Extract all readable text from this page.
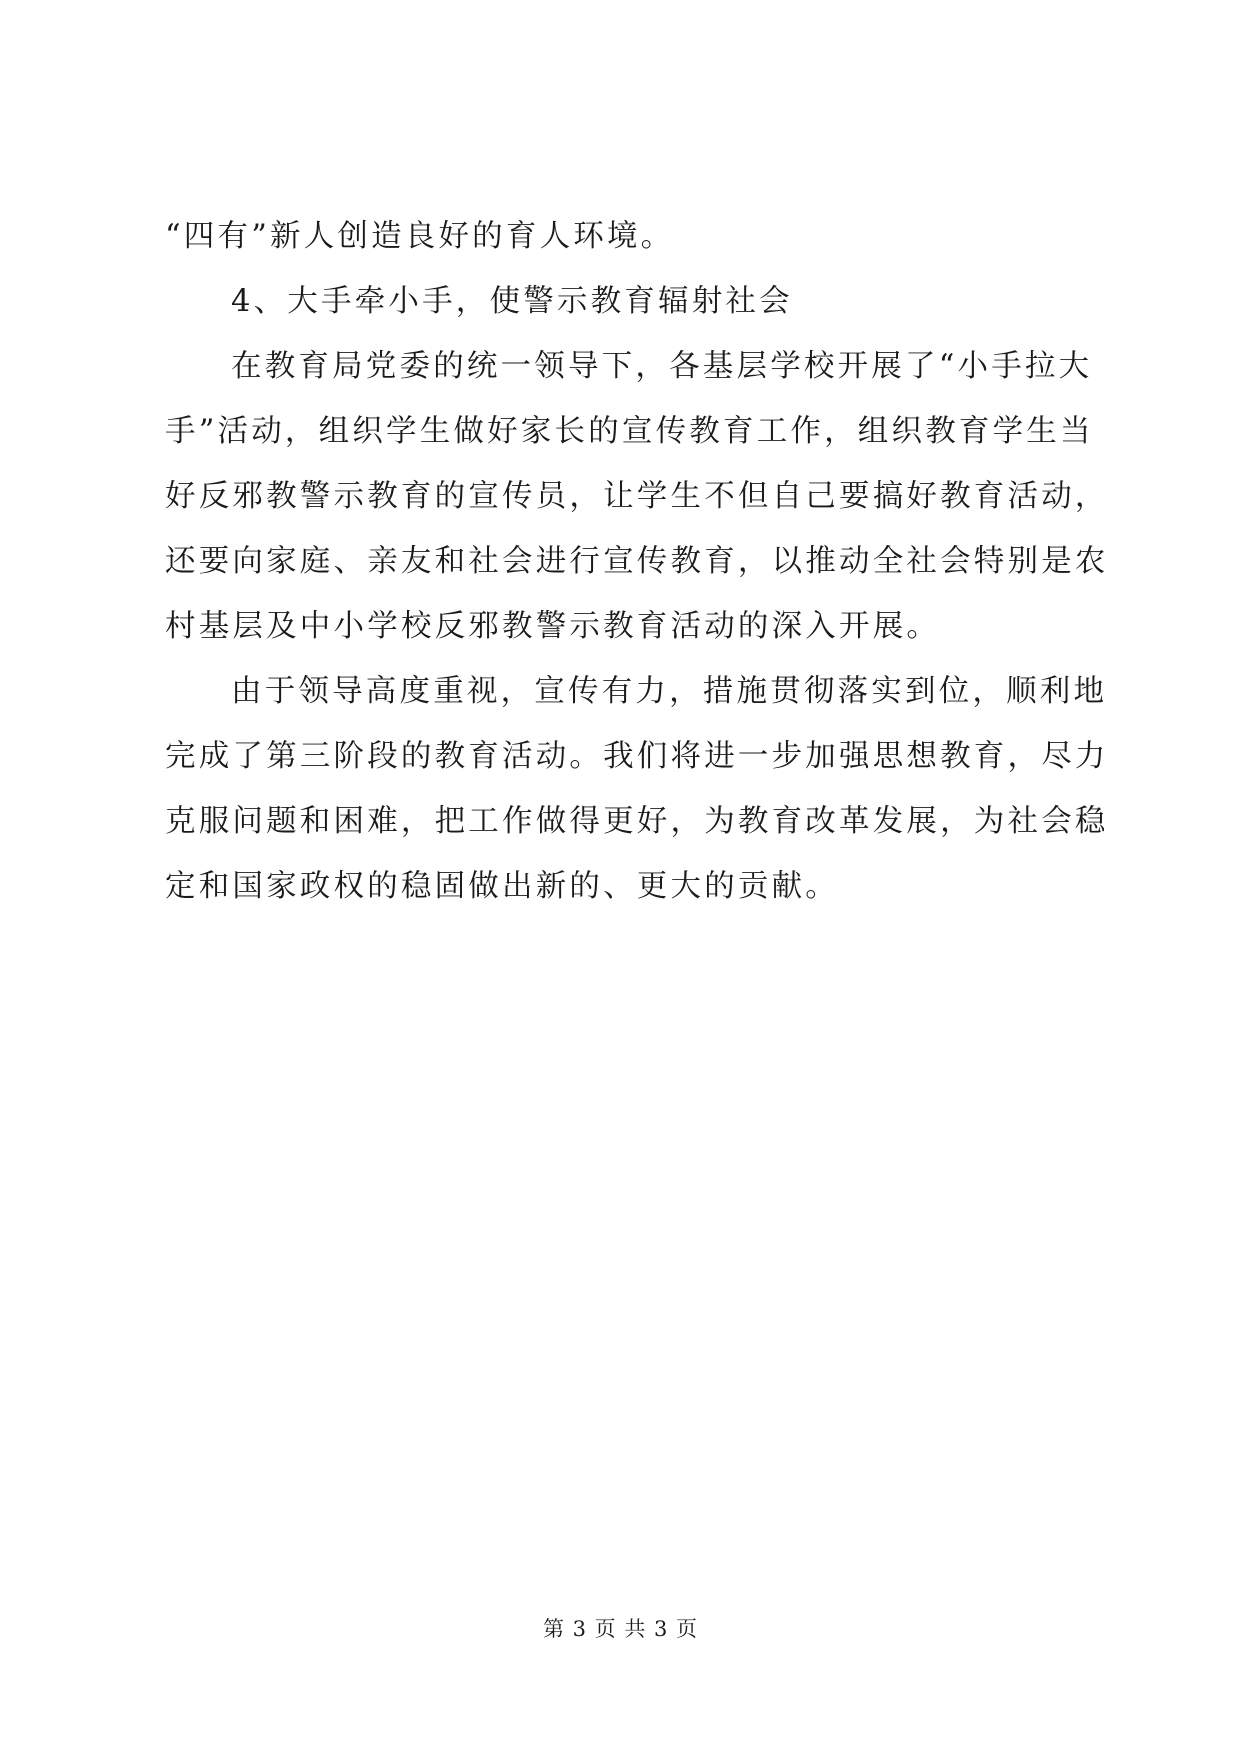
“四有”新人创造良好的育人环境。
4、大手牵小手，使警示教育辐射社会
在教育局党委的统一领导下，各基层学校开展了“小手拉大
手”活动，组织学生做好家长的宣传教育工作，组织教育学生当
好反邪教警示教育的宣传员，让学生不但自己要搞好教育活动，
还要向家庭、亲友和社会进行宣传教育，以推动全社会特别是农
村基层及中小学校反邪教警示教育活动的深入开展。
由于领导高度重视，宣传有力，措施贯彻落实到位，顺利地
完成了第三阶段的教育活动。我们将进一步加强思想教育，尽力
克服问题和困难，把工作做得更好，为教育改革发展，为社会稳
定和国家政权的稳固做出新的、更大的贡献。
第 3 页 共 3 页
